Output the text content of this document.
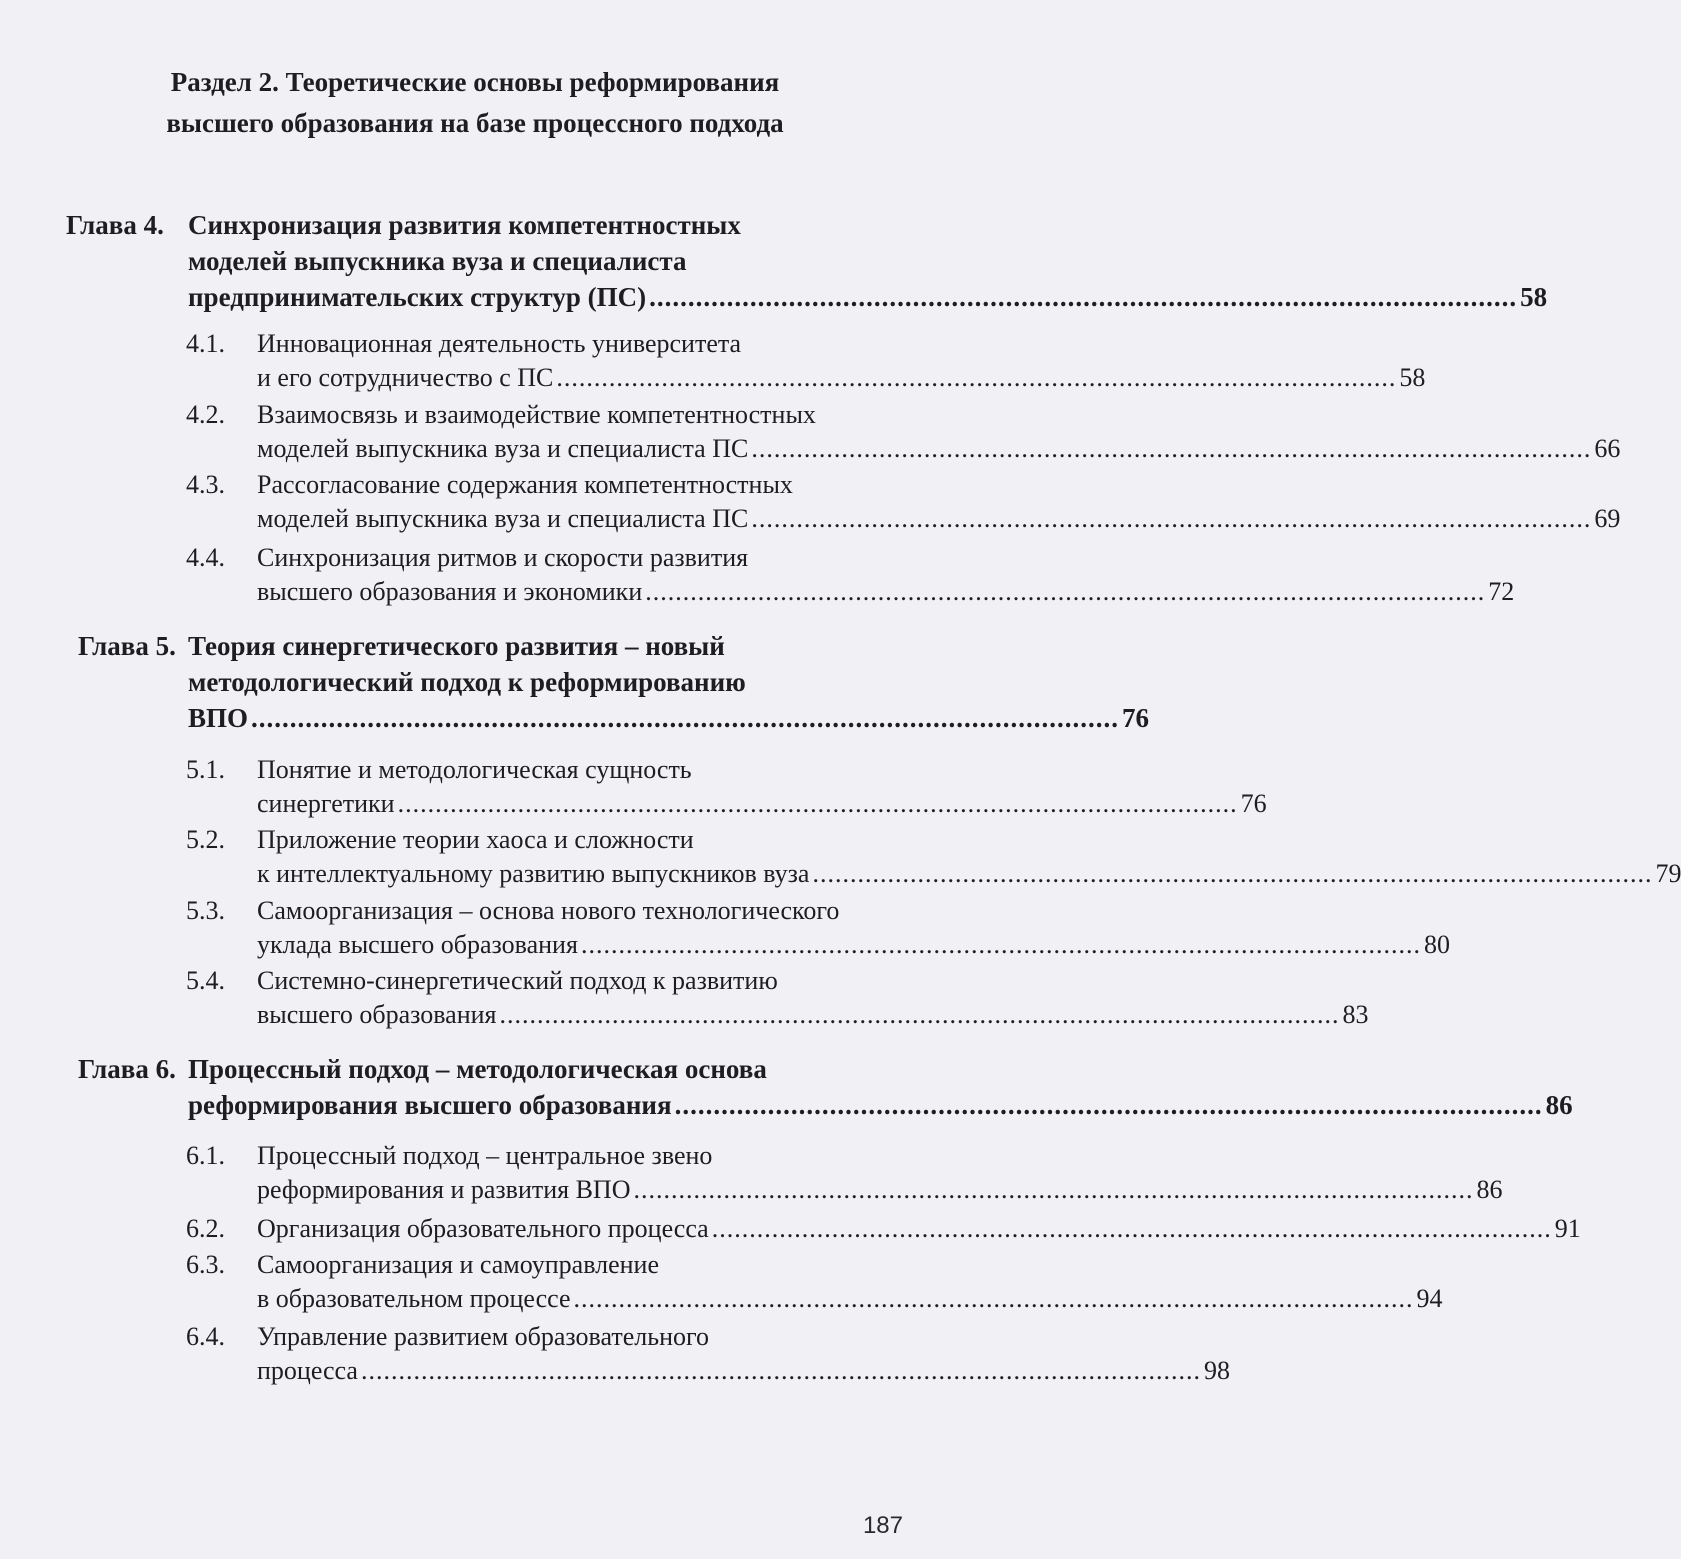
Раздел 2. Теоретические основы реформирования
высшего образования на базе процессного подхода
Глава 4. Синхронизация развития компетентностных
моделей выпускника вуза и специалиста
предпринимательских структур (ПС) ................................................................................................................ 58
4.1. Инновационная деятельность университета
и его сотрудничество с ПС ................................................................................................................ 58
4.2. Взаимосвязь и взаимодействие компетентностных
моделей выпускника вуза и специалиста ПС ................................................................................................................ 66
4.3. Рассогласование содержания компетентностных
моделей выпускника вуза и специалиста ПС ................................................................................................................ 69
4.4. Синхронизация ритмов и скорости развития
высшего образования и экономики ................................................................................................................ 72
Глава 5. Теория синергетического развития – новый
методологический подход к реформированию
ВПО ................................................................................................................ 76
5.1. Понятие и методологическая сущность
синергетики ................................................................................................................ 76
5.2. Приложение теории хаоса и сложности
к интеллектуальному развитию выпускников вуза ................................................................................................................ 79
5.3. Самоорганизация – основа нового технологического
уклада высшего образования ................................................................................................................ 80
5.4. Системно-синергетический подход к развитию
высшего образования ................................................................................................................ 83
Глава 6. Процессный подход – методологическая основа
реформирования высшего образования ................................................................................................................ 86
6.1. Процессный подход – центральное звено
реформирования и развития ВПО ................................................................................................................ 86
6.2. Организация образовательного процесса ................................................................................................................ 91
6.3. Самоорганизация и самоуправление
в образовательном процессе ................................................................................................................ 94
6.4. Управление развитием образовательного
процесса ................................................................................................................ 98
187
